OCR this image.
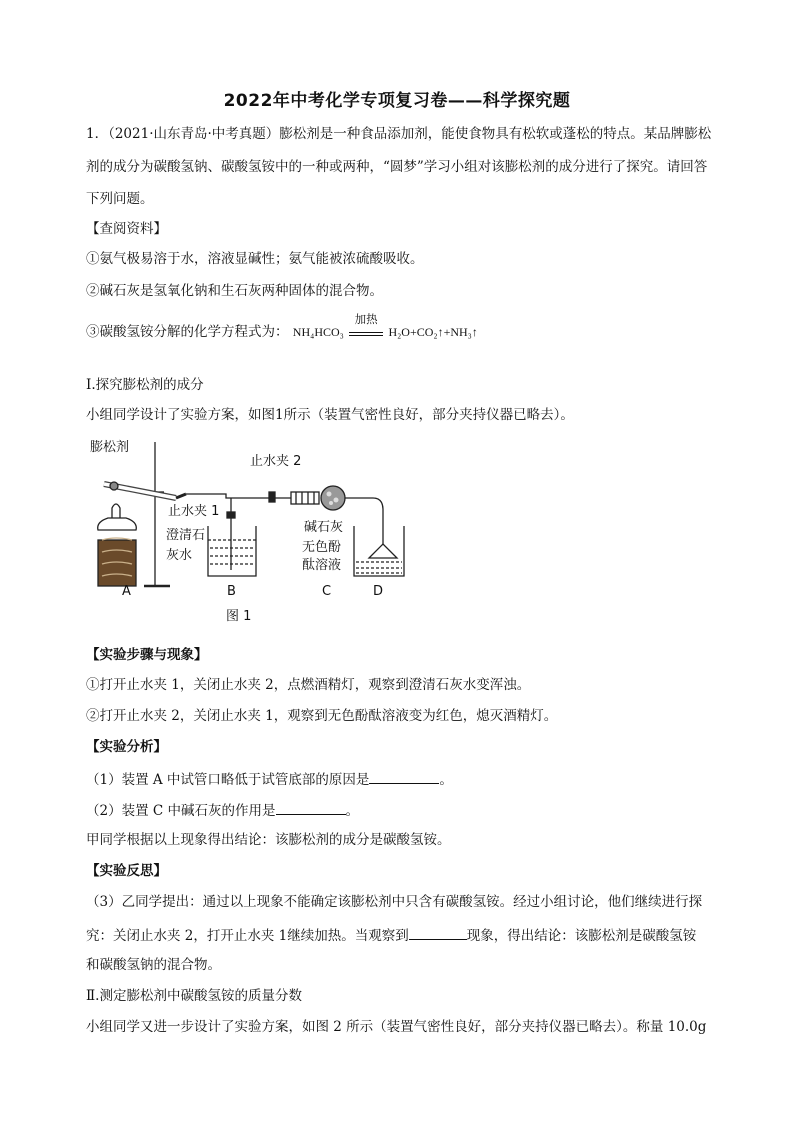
2022年中考化学专项复习卷——科学探究题
1．（2021·山东青岛·中考真题）膨松剂是一种食品添加剂，能使食物具有松软或蓬松的特点。某品牌膨松
剂的成分为碳酸氢钠、碳酸氢铵中的一种或两种，“圆梦”学习小组对该膨松剂的成分进行了探究。请回答
下列问题。
【查阅资料】
①氨气极易溶于水，溶液显碱性；氨气能被浓硫酸吸收。
②碱石灰是氢氧化钠和生石灰两种固体的混合物。
③碳酸氢铵分解的化学方程式为： NH₄HCO₃
加热
H₂O+CO₂↑+NH₃↑
Ⅰ.探究膨松剂的成分
小组同学设计了实验方案，如图1所示（装置气密性良好，部分夹持仪器已略去）。
膨松剂
止水夹 2
止水夹 1
澄清石
灰水
碱石灰
无色酚
酞溶液
A	B	C	D
图 1
【实验步骤与现象】
①打开止水夹 1，关闭止水夹 2，点燃酒精灯，观察到澄清石灰水变浑浊。
②打开止水夹 2，关闭止水夹 1，观察到无色酚酞溶液变为红色，熄灭酒精灯。
【实验分析】
（1）装置 A 中试管口略低于试管底部的原因是	。
（2）装置 C 中碱石灰的作用是	。
甲同学根据以上现象得出结论：该膨松剂的成分是碳酸氢铵。
【实验反思】
（3）乙同学提出：通过以上现象不能确定该膨松剂中只含有碳酸氢铵。经过小组讨论，他们继续进行探
究：关闭止水夹 2，打开止水夹 1继续加热。当观察到	现象，得出结论：该膨松剂是碳酸氢铵
和碳酸氢钠的混合物。
Ⅱ.测定膨松剂中碳酸氢铵的质量分数
小组同学又进一步设计了实验方案，如图 2 所示（装置气密性良好，部分夹持仪器已略去）。称量 10.0g
